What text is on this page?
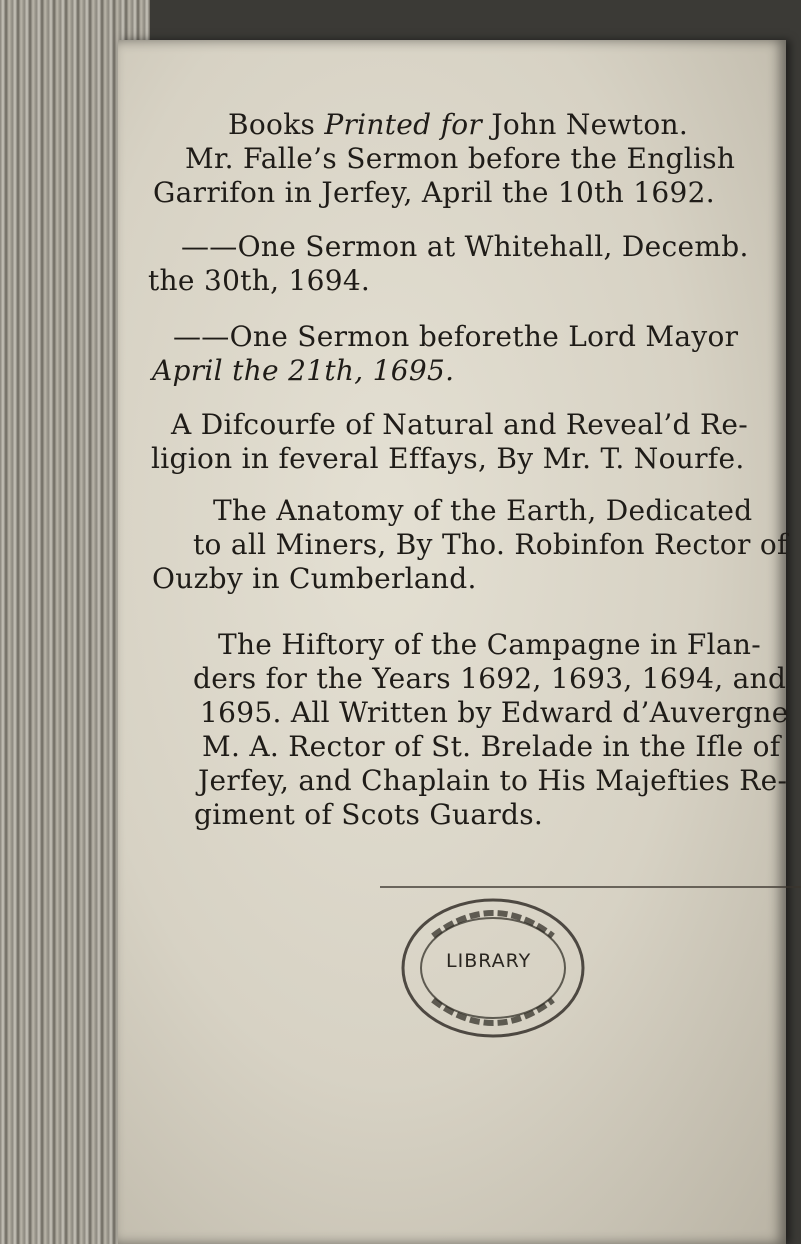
Books Printed for John Newton.
Mr. Falle’s Sermon before the English
Garrifon in Jerfey, April the 10th 1692.
——One Sermon at Whitehall, Decemb.
the 30th, 1694.
——One Sermon beforethe Lord Mayor
April the 21th, 1695.
A Difcourfe of Natural and Reveal’d Re-
ligion in feveral Effays, By Mr. T. Nourfe.
The Anatomy of the Earth, Dedicated
to all Miners, By Tho. Robinfon Rector of
Ouzby in Cumberland.
The Hiftory of the Campagne in Flan-
ders for the Years 1692, 1693, 1694, and
1695. All Written by Edward d’Auvergne
M. A. Rector of St. Brelade in the Ifle of
Jerfey, and Chaplain to His Majefties Re-
giment of Scots Guards.
LIBRARY
